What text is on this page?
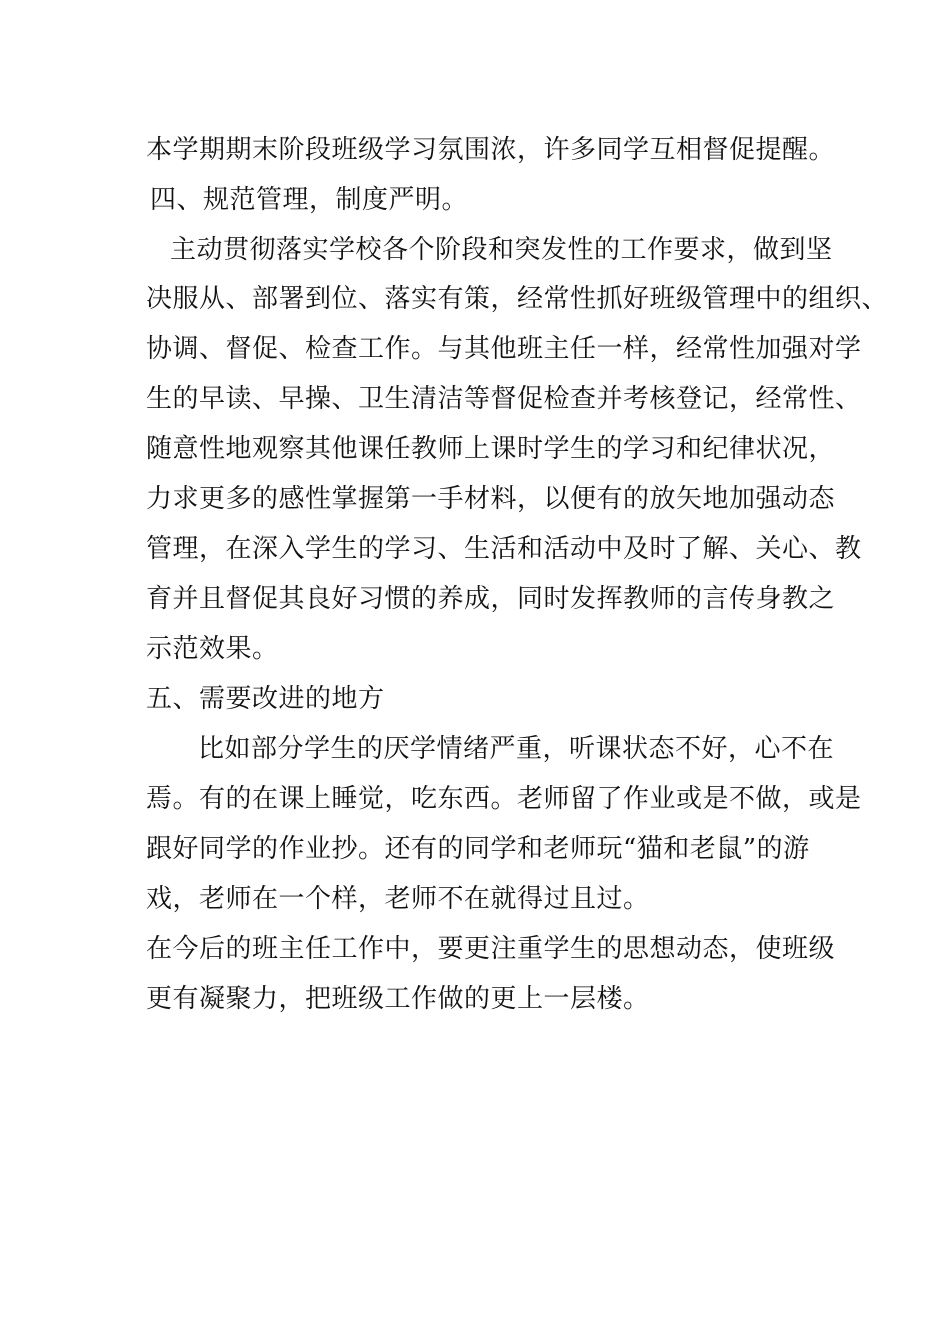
本学期期末阶段班级学习氛围浓，许多同学互相督促提醒。
四、规范管理，制度严明。
主动贯彻落实学校各个阶段和突发性的工作要求，做到坚
决服从、部署到位、落实有策，经常性抓好班级管理中的组织、
协调、督促、检查工作。与其他班主任一样，经常性加强对学
生的早读、早操、卫生清洁等督促检查并考核登记，经常性、
随意性地观察其他课任教师上课时学生的学习和纪律状况，
力求更多的感性掌握第一手材料，以便有的放矢地加强动态
管理，在深入学生的学习、生活和活动中及时了解、关心、教
育并且督促其良好习惯的养成，同时发挥教师的言传身教之
示范效果。
五、需要改进的地方
比如部分学生的厌学情绪严重，听课状态不好，心不在
焉。有的在课上睡觉，吃东西。老师留了作业或是不做，或是
跟好同学的作业抄。还有的同学和老师玩“猫和老鼠”的游
戏，老师在一个样，老师不在就得过且过。
在今后的班主任工作中，要更注重学生的思想动态，使班级
更有凝聚力，把班级工作做的更上一层楼。
